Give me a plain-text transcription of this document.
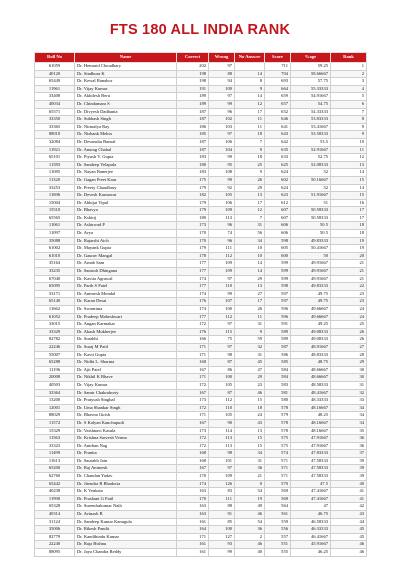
FTS 180 ALL INDIA RANK
Roll No	Name	Correct	Wrong	No Answer	Score	%age	Rank
61059	Dr. Hemraid Choudhary	202	97		711	59.25	1
40120	Dr. Sindhura K	198	88	14	704	58.66667	2
65449	Dr. Kewal Ranabor	198	94	8	693	57.75	3
11961	Dr. Vijay Kumar	191	100	9	664	55.33333	4
33408	Dr. Akhilesh Beru	189	97	14	659	54.91667	5
40034	Dr. Chindamara S	189	99	12	657	54.75	6
65571	Dr. Divyesh Dadhania	187	96	17	652	54.33333	7
33350	Dr. Subhash Singh	187	102	11	646	53.83333	8
33365	Dr. Nirmalya Ray	186	103	11	641	53.41667	9
88010	Dr. Nishank Mehta	185	97	18	643	53.58333	9
32084	Dr. Devanshu Bansal	187	106	7	642	53.5	10
11921	Dr. Anurag Chahal	187	104	9	635	52.91667	11
65101	Dr. Piyush V. Gupta	183	99	18	633	52.75	12
11583	Dr. Sandeep Velapula	180	95	25	625	52.08333	13
11085	Dr. Nayan Banerjee	183	108	9	624	52	14
11320	Dr. Gagan Preet Kaur	175	99	26	602	50.16667	15
33253	Dr. Preety Chaudhary	179	92	29	624	52	14
11696	Dr. Devesh Karnawat	182	105	13	623	51.91667	15
15004	Dr. Abhijat Vipul	179	106	17	612	51	16
15510	Dr. Bhavya	179	109	12	607	50.58333	17
65565	Dr. Kshitij	180	113	7	607	50.58333	17
11061	Dr. Ashirwad P	173	96	31	606	50.5	18
11097	Dr. Avya	170	74	56	606	50.5	18
35088	Dr. Rajarshi Aich	170	96	34	598	49.83333	19
61002	Dr. Mayank Gupta	179	111	10	605	50.41667	19
61010	Dr. Gaurav Mangal	178	112	10	600	50	20
35164	Dr. Arnab Sam	177	109	14	599	49.91667	21
33235	Dr. Santosh Dhingana	177	109	14	599	49.91667	21
67040	Dr. Kavita Agrawal	174	97	29	599	49.91667	21
65095	Dr. Parth S Patel	177	110	13	598	49.83333	22
33171	Dr. Animesh Mondal	174	99	27	597	49.75	23
65140	Dr. Karan Desai	176	107	17	597	49.75	23
11662	Dr. Swarnima	174	100	26	596	49.66667	24
61052	Dr. Pradeep Maheshwari	177	112	11	596	49.66667	24
33015	Dr. Angan Karmakar	172	97	31	591	49.25	25
33329	Dr. Akash Mukherjee	176	115	9	589	49.08333	26
82782	Dr. Surabhi	166	75	59	589	49.08333	26
22246	Dr. Suraj M Patil	171	97	32	587	48.91667	27
55007	Dr. Kavit Gupta	171	98	31	586	48.83333	28
65288	Dr. Nidhi L. Sharma	168	87	45	585	48.75	29
11196	Dr. Ajit Patel	167	86	47	584	48.66667	30
20008	Dr. Nikhil K Bhave	171	100	29	584	48.66667	30
40503	Dr. Vijay Kumar	172	105	23	583	48.58333	31
33364	Dr. Samir Chakraborty	167	87	46	581	48.41667	32
13200	Dr. Pratyush Singhal	173	112	15	580	48.33333	33
12001	Dr. Uma Shankar Singh	172	110	18	578	48.16667	34
88029	Dr. Bhavna Girish	171	105	24	579	48.25	34
11572	Dr. S Kalyan Kanchupudi	167	90	43	578	48.16667	34
15329	Dr. Vaishnavi Kasula	173	114	13	578	48.16667	35
11563	Dr. Krishna Sarvesh Verma	172	113	15	575	47.91667	36
33323	Dr. Anirban Nag	172	113	15	575	47.91667	36
11499	Dr. Pranita	168	98	34	574	47.83333	37
11613	Dr. Saurabh Jain	168	101	31	571	47.58333	39
65200	Dr. Raj Animesh	167	97	36	571	47.58333	39
62760	Dr. Chandan Yadav	170	109	21	571	47.58333	39
65442	Dr. Jitendra B Bhadoria	174	126	0	570	47.5	40
40238	Dr. K Venkata	163	83	54	569	47.41667	41
11990	Dr. Prashant G Patil	170	111	19	569	47.41667	41
65328	Dr. Surendrakumar Nath	163	88	49	564	47	42
40314	Dr. Avinash B	163	91	46	561	46.75	43
31124	Dr. Sandeep Kumar Kanugula	161	85	54	559	46.58333	44
35006	Dr. Rikesh Pandit	164	100	36	556	46.33333	45
82779	Dr. Kandibindu Kumar	171	127	2	557	46.41667	45
22240	Dr. Raja Bishnu	161	93	46	551	45.91667	46
88095	Dr. Jaya Chandra Reddy	161	99	40	555	46.25	46
